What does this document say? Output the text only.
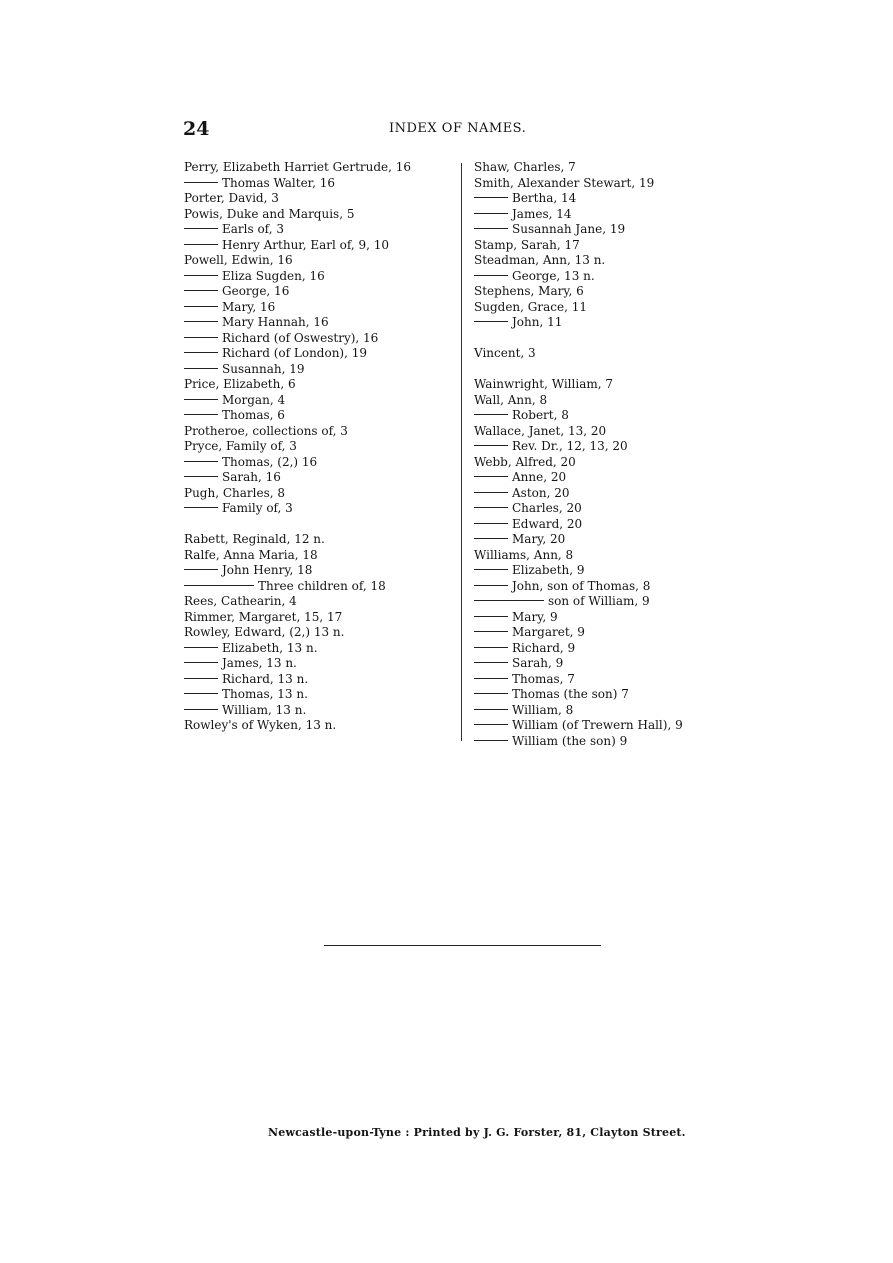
24	INDEX OF NAMES.
Perry, Elizabeth Harriet Gertrude, 16
Thomas Walter, 16
Porter, David, 3
Powis, Duke and Marquis, 5
Earls of, 3
Henry Arthur, Earl of, 9, 10
Powell, Edwin, 16
Eliza Sugden, 16
George, 16
Mary, 16
Mary Hannah, 16
Richard (of Oswestry), 16
Richard (of London), 19
Susannah, 19
Price, Elizabeth, 6
Morgan, 4
Thomas, 6
Protheroe, collections of, 3
Pryce, Family of, 3
Thomas, (2,) 16
Sarah, 16
Pugh, Charles, 8
Family of, 3
Rabett, Reginald, 12 n.
Ralfe, Anna Maria, 18
John Henry, 18
Three children of, 18
Rees, Cathearin, 4
Rimmer, Margaret, 15, 17
Rowley, Edward, (2,) 13 n.
Elizabeth, 13 n.
James, 13 n.
Richard, 13 n.
Thomas, 13 n.
William, 13 n.
Rowley's of Wyken, 13 n.
Shaw, Charles, 7
Smith, Alexander Stewart, 19
Bertha, 14
James, 14
Susannah Jane, 19
Stamp, Sarah, 17
Steadman, Ann, 13 n.
George, 13 n.
Stephens, Mary, 6
Sugden, Grace, 11
John, 11
Vincent, 3
Wainwright, William, 7
Wall, Ann, 8
Robert, 8
Wallace, Janet, 13, 20
Rev. Dr., 12, 13, 20
Webb, Alfred, 20
Anne, 20
Aston, 20
Charles, 20
Edward, 20
Mary, 20
Williams, Ann, 8
Elizabeth, 9
John, son of Thomas, 8
son of William, 9
Mary, 9
Margaret, 9
Richard, 9
Sarah, 9
Thomas, 7
Thomas (the son) 7
William, 8
William (of Trewern Hall), 9
William (the son) 9
Newcastle-upon-Tyne : Printed by J. G. Forster, 81, Clayton Street.
